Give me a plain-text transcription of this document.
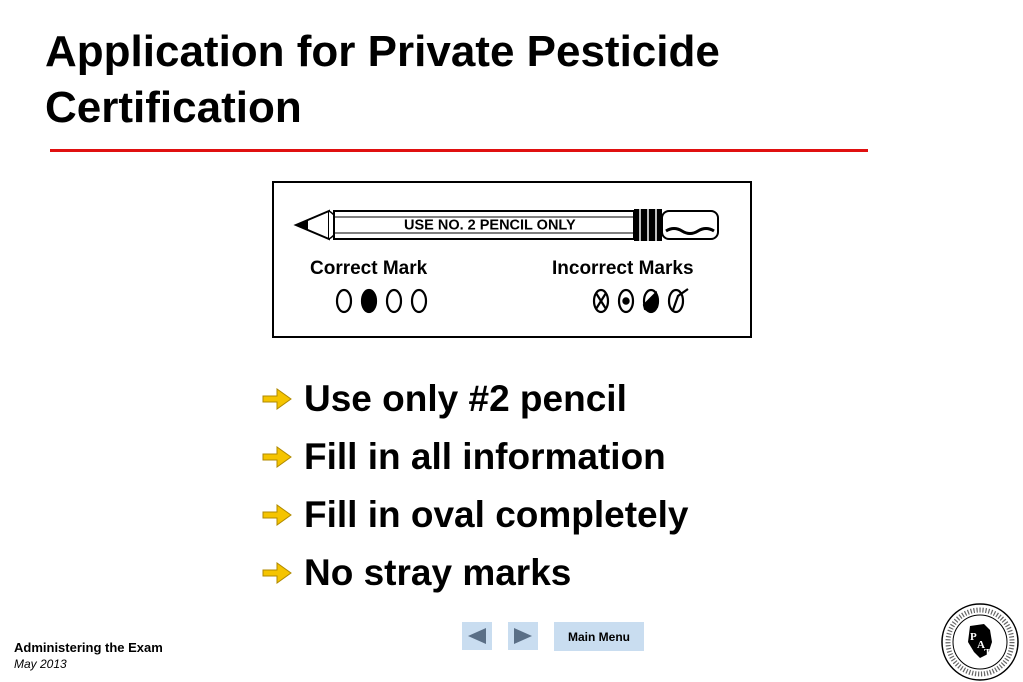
Application for Private Pesticide Certification
USE NO. 2 PENCIL ONLY
Correct Mark	Incorrect Marks
Use only #2 pencil
Fill in all information
Fill in oval completely
No stray marks
Administering the Exam
May 2013
Main Menu	P
A
T
